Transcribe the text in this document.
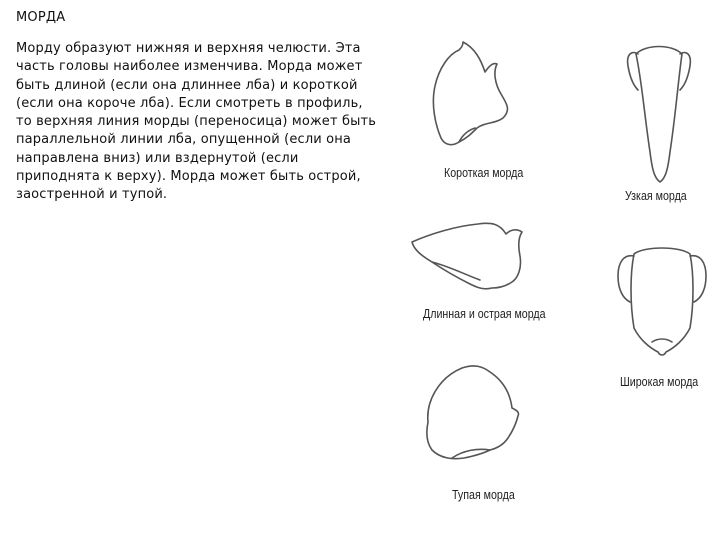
МОРДА
Морду образуют нижняя и верхняя челюсти. Эта часть головы наиболее изменчива. Морда может быть длиной (если она длиннее лба) и короткой (если она короче лба). Если смотреть в профиль, то верхняя линия морды (переносица) может быть параллельной линии лба, опущенной (если она направлена вниз) или вздернутой (если приподнята к верху). Морда может быть острой, заостренной и тупой.
Короткая морда
Узкая морда
Длинная и острая морда
Широкая морда
Тупая морда
